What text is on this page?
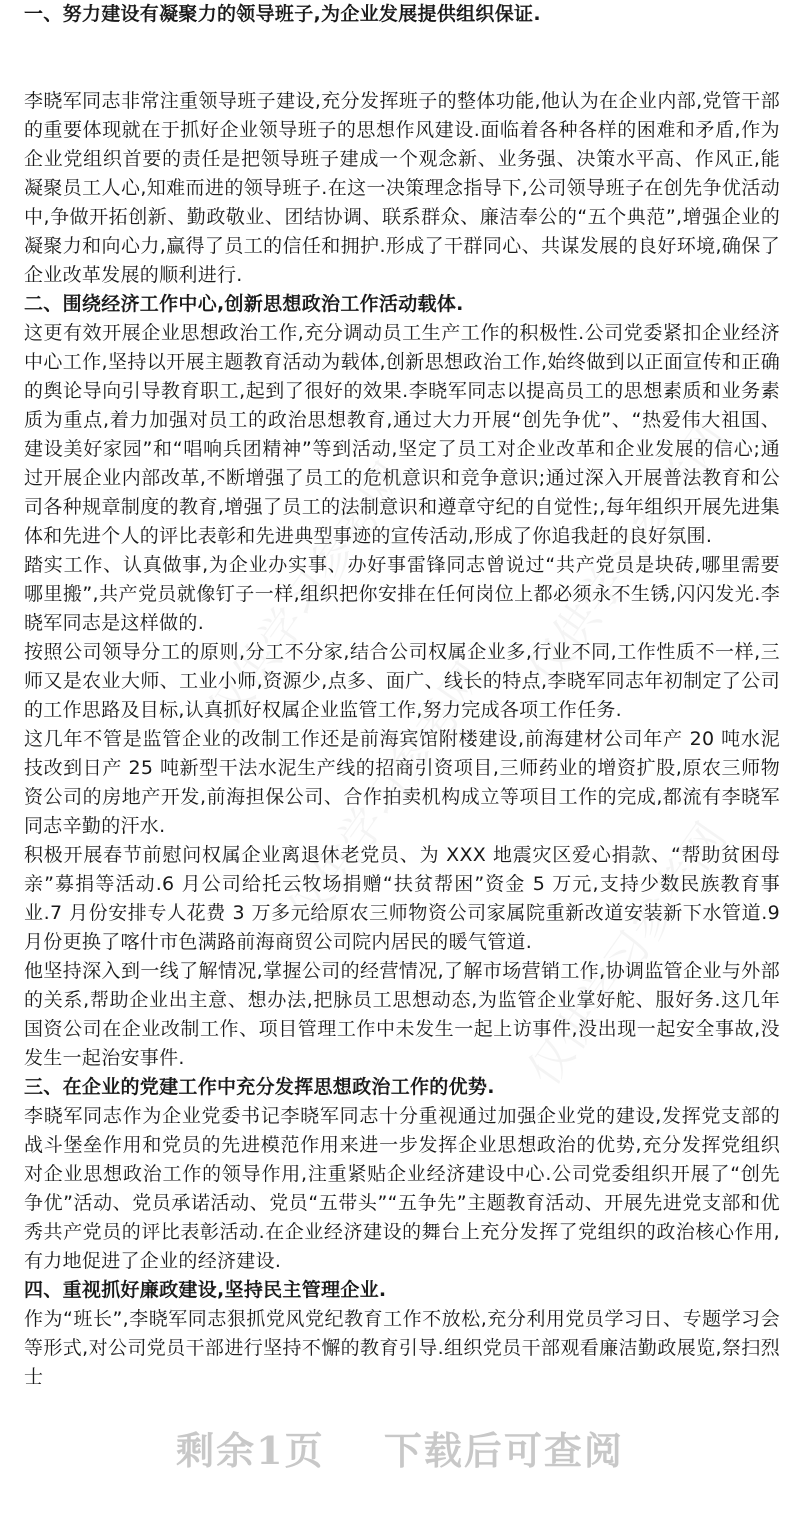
一、努力建设有凝聚力的领导班子,为企业发展提供组织保证.

李晓军同志非常注重领导班子建设,充分发挥班子的整体功能,他认为在企业内部,党管干部的重要体现就在于抓好企业领导班子的思想作风建设.面临着各种各样的困难和矛盾,作为企业党组织首要的责任是把领导班子建成一个观念新、业务强、决策水平高、作风正,能凝聚员工人心,知难而进的领导班子.在这一决策理念指导下,公司领导班子在创先争优活动中,争做开拓创新、勤政敬业、团结协调、联系群众、廉洁奉公的“五个典范”,增强企业的凝聚力和向心力,赢得了员工的信任和拥护.形成了干群同心、共谋发展的良好环境,确保了企业改革发展的顺利进行.

二、围绕经济工作中心,创新思想政治工作活动载体.

这更有效开展企业思想政治工作,充分调动员工生产工作的积极性.公司党委紧扣企业经济中心工作,坚持以开展主题教育活动为载体,创新思想政治工作,始终做到以正面宣传和正确的舆论导向引导教育职工,起到了很好的效果.李晓军同志以提高员工的思想素质和业务素质为重点,着力加强对员工的政治思想教育,通过大力开展“创先争优”、“热爱伟大祖国、建设美好家园”和“唱响兵团精神”等到活动,坚定了员工对企业改革和企业发展的信心;通过开展企业内部改革,不断增强了员工的危机意识和竞争意识;通过深入开展普法教育和公司各种规章制度的教育,增强了员工的法制意识和遵章守纪的自觉性;,每年组织开展先进集体和先进个人的评比表彰和先进典型事迹的宣传活动,形成了你追我赶的良好氛围.

踏实工作、认真做事,为企业办实事、办好事雷锋同志曾说过“共产党员是块砖,哪里需要哪里搬”,共产党员就像钉子一样,组织把你安排在任何岗位上都必须永不生锈,闪闪发光.李晓军同志是这样做的.

按照公司领导分工的原则,分工不分家,结合公司权属企业多,行业不同,工作性质不一样,三师又是农业大师、工业小师,资源少,点多、面广、线长的特点,李晓军同志年初制定了公司的工作思路及目标,认真抓好权属企业监管工作,努力完成各项工作任务.

这几年不管是监管企业的改制工作还是前海宾馆附楼建设,前海建材公司年产 20 吨水泥技改到日产 25 吨新型干法水泥生产线的招商引资项目,三师药业的增资扩股,原农三师物资公司的房地产开发,前海担保公司、合作拍卖机构成立等项目工作的完成,都流有李晓军同志辛勤的汗水.

积极开展春节前慰问权属企业离退休老党员、为 XXX 地震灾区爱心捐款、“帮助贫困母亲”募捐等活动.6 月公司给托云牧场捐赠“扶贫帮困”资金 5 万元,支持少数民族教育事业.7 月份安排专人花费 3 万多元给原农三师物资公司家属院重新改道安装新下水管道.9 月份更换了喀什市色满路前海商贸公司院内居民的暖气管道.

他坚持深入到一线了解情况,掌握公司的经营情况,了解市场营销工作,协调监管企业与外部的关系,帮助企业出主意、想办法,把脉员工思想动态,为监管企业掌好舵、服好务.这几年国资公司在企业改制工作、项目管理工作中未发生一起上访事件,没出现一起安全事故,没发生一起治安事件.

三、在企业的党建工作中充分发挥思想政治工作的优势.

李晓军同志作为企业党委书记李晓军同志十分重视通过加强企业党的建设,发挥党支部的战斗堡垒作用和党员的先进模范作用来进一步发挥企业思想政治的优势,充分发挥党组织对企业思想政治工作的领导作用,注重紧贴企业经济建设中心.公司党委组织开展了“创先争优”活动、党员承诺活动、党员“五带头”“五争先”主题教育活动、开展先进党支部和优秀共产党员的评比表彰活动.在企业经济建设的舞台上充分发挥了党组织的政治核心作用,有力地促进了企业的经济建设.

四、重视抓好廉政建设,坚持民主管理企业.

作为“班长”,李晓军同志狠抓党风党纪教育工作不放松,充分利用党员学习日、专题学习会等形式,对公司党员干部进行坚持不懈的教育引导.组织党员干部观看廉洁勤政展览,祭扫烈士

剩余1页 下载后可查阅
